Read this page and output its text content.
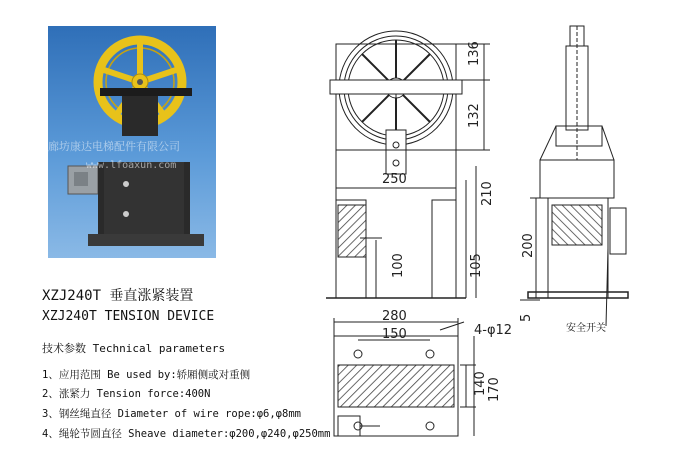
廊坊康达电梯配件有限公司
www.lfoaxun.com
136
132
250
210
100	105
200
5
安全开关
280
150	4-φ12
140 170
XZJ240T 垂直涨紧装置
XZJ240T TENSION DEVICE
技术参数 Technical parameters
1、应用范围 Be used by:轿厢侧或对重侧
2、涨紧力 Tension force:400N
3、钢丝绳直径 Diameter of wire rope:φ6,φ8mm
4、绳轮节圆直径 Sheave diameter:φ200,φ240,φ250mm
